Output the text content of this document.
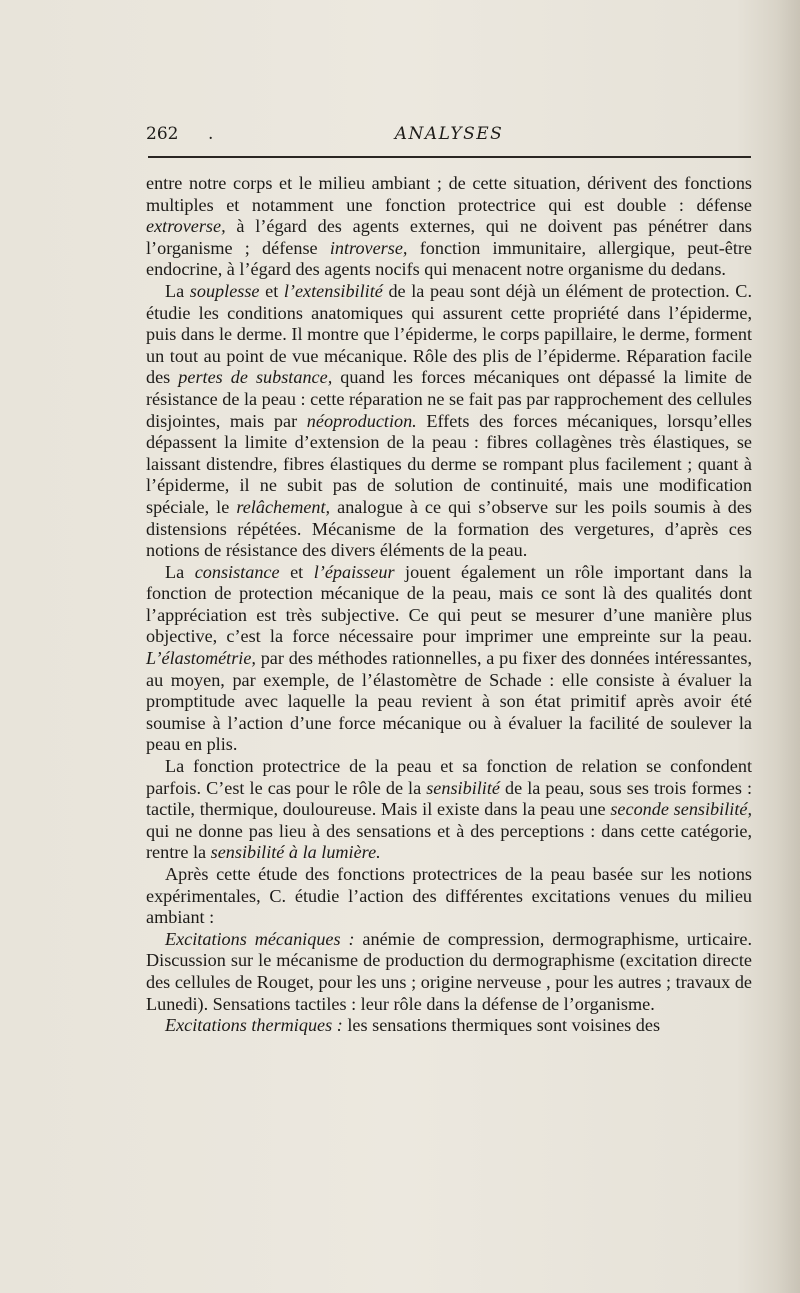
262 .	ANALYSES

entre notre corps et le milieu ambiant ; de cette situation, dérivent des fonctions multiples et notamment une fonction protectrice qui est double : défense extroverse, à l’égard des agents externes, qui ne doivent pas pénétrer dans l’organisme ; défense introverse, fonction immunitaire, allergique, peut-être endocrine, à l’égard des agents nocifs qui menacent notre organisme du dedans.

La souplesse et l’extensibilité de la peau sont déjà un élément de protection. C. étudie les conditions anatomiques qui assurent cette propriété dans l’épiderme, puis dans le derme. Il montre que l’épiderme, le corps papillaire, le derme, forment un tout au point de vue mécanique. Rôle des plis de l’épiderme. Réparation facile des pertes de substance, quand les forces mécaniques ont dépassé la limite de résistance de la peau : cette réparation ne se fait pas par rapprochement des cellules disjointes, mais par néoproduction. Effets des forces mécaniques, lorsqu’elles dépassent la limite d’extension de la peau : fibres collagènes très élastiques, se laissant distendre, fibres élastiques du derme se rompant plus facilement ; quant à l’épiderme, il ne subit pas de solution de continuité, mais une modification spéciale, le relâchement, analogue à ce qui s’observe sur les poils soumis à des distensions répétées. Mécanisme de la formation des vergetures, d’après ces notions de résistance des divers éléments de la peau.

La consistance et l’épaisseur jouent également un rôle important dans la fonction de protection mécanique de la peau, mais ce sont là des qualités dont l’appréciation est très subjective. Ce qui peut se mesurer d’une manière plus objective, c’est la force nécessaire pour imprimer une empreinte sur la peau. L’élastométrie, par des méthodes rationnelles, a pu fixer des données intéressantes, au moyen, par exemple, de l’élastomètre de Schade : elle consiste à évaluer la promptitude avec laquelle la peau revient à son état primitif après avoir été soumise à l’action d’une force mécanique ou à évaluer la facilité de soulever la peau en plis.

La fonction protectrice de la peau et sa fonction de relation se confondent parfois. C’est le cas pour le rôle de la sensibilité de la peau, sous ses trois formes : tactile, thermique, douloureuse. Mais il existe dans la peau une seconde sensibilité, qui ne donne pas lieu à des sensations et à des perceptions : dans cette catégorie, rentre la sensibilité à la lumière.

Après cette étude des fonctions protectrices de la peau basée sur les notions expérimentales, C. étudie l’action des différentes excitations venues du milieu ambiant :

Excitations mécaniques : anémie de compression, dermographisme, urticaire. Discussion sur le mécanisme de production du dermographisme (excitation directe des cellules de Rouget, pour les uns ; origine nerveuse , pour les autres ; travaux de Lunedi). Sensations tactiles : leur rôle dans la défense de l’organisme.

Excitations thermiques : les sensations thermiques sont voisines des
